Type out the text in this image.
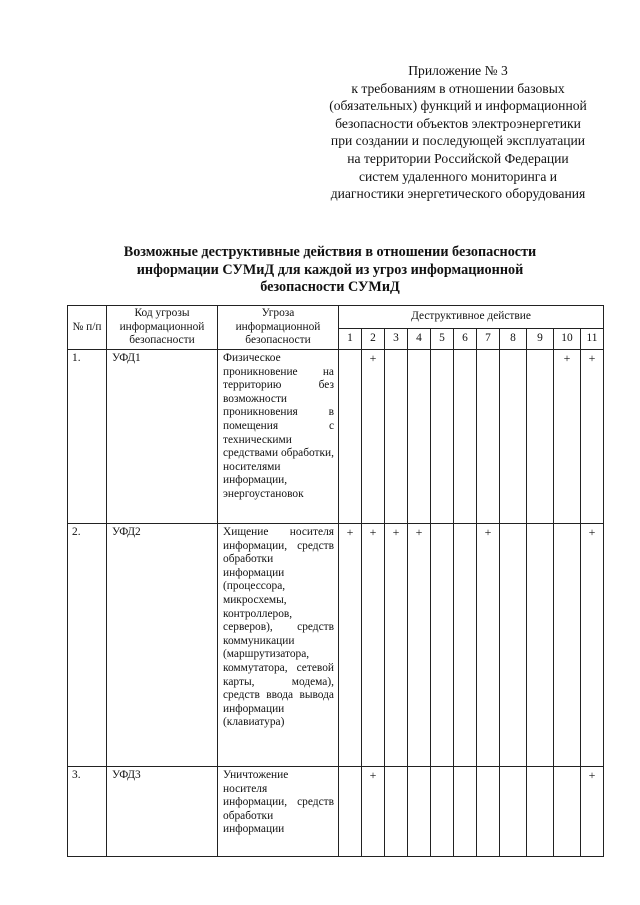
Приложение № 3
к требованиям в отношении базовых
(обязательных) функций и информационной
безопасности объектов электроэнергетики
при создании и последующей эксплуатации
на территории Российской Федерации
систем удаленного мониторинга и
диагностики энергетического оборудования
Возможные деструктивные действия в отношении безопасности
информации СУМиД для каждой из угроз информационной
безопасности СУМиД
№ п/п	Код угрозы информационной безопасности	Угроза информационной безопасности	Деструктивное действие										
			1	2	3	4	5	6	7	8	9	10	11
1.	УФД1	Физическое проникновение на территорию без возможности проникновения в помещения с техническими средствами обработки, носителями информации, энергоустановок		+								+	+
2.	УФД2	Хищение носителя информации, средств обработки информации (процессора, микросхемы, контроллеров, серверов), средств коммуникации (маршрутизатора, коммутатора, сетевой карты, модема), средств ввода вывода информации (клавиатура)	+	+	+	+			+				+
3.	УФД3	Уничтожение носителя информации, средств обработки информации		+									+
